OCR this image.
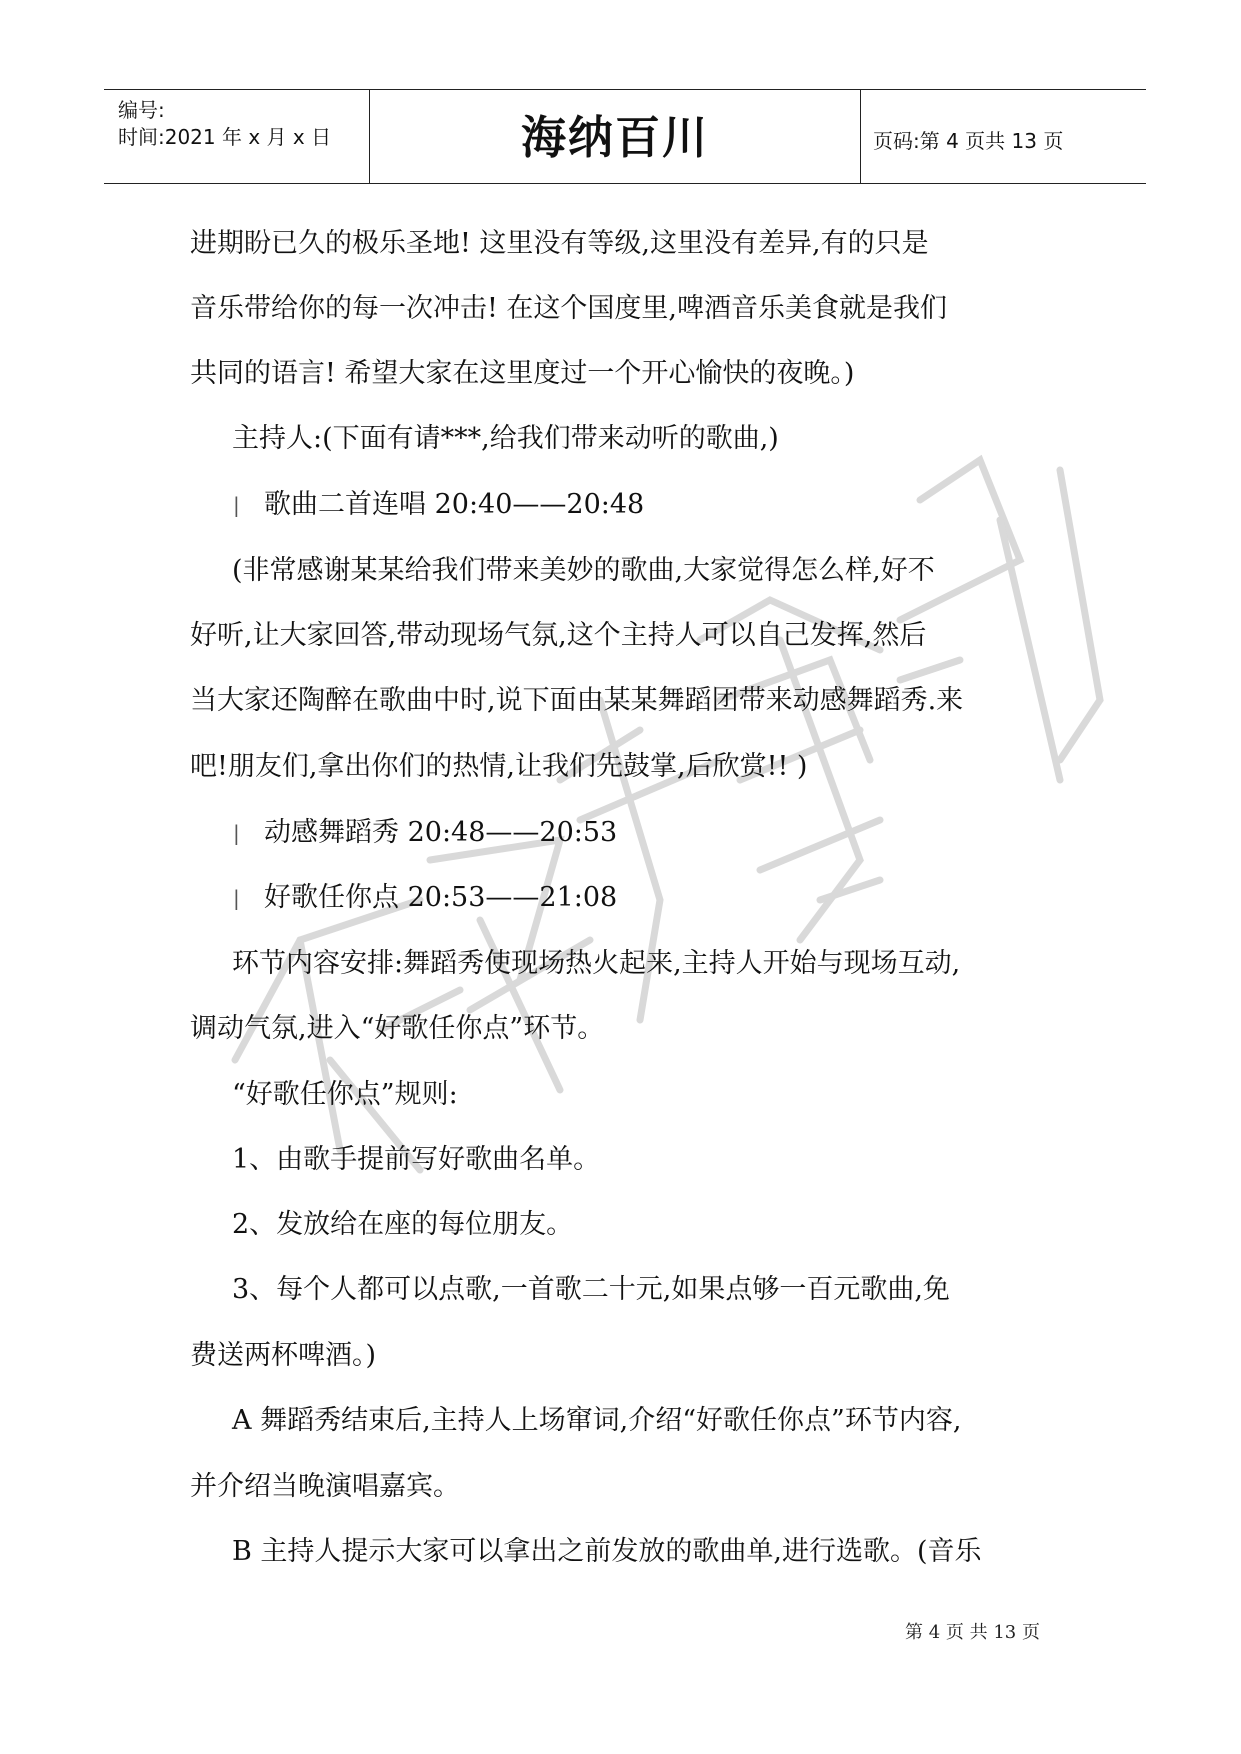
编号:
时间:2021 年 x 月 x 日	海纳百川	页码:第 4 页共 13 页
进期盼已久的极乐圣地! 这里没有等级,这里没有差异,有的只是
音乐带给你的每一次冲击! 在这个国度里,啤酒音乐美食就是我们
共同的语言! 希望大家在这里度过一个开心愉快的夜晚。)
主持人:(下面有请***,给我们带来动听的歌曲,)
| 歌曲二首连唱 20:40——20:48
(非常感谢某某给我们带来美妙的歌曲,大家觉得怎么样,好不
好听,让大家回答,带动现场气氛,这个主持人可以自己发挥,然后
当大家还陶醉在歌曲中时,说下面由某某舞蹈团带来动感舞蹈秀.来
吧!朋友们,拿出你们的热情,让我们先鼓掌,后欣赏!! )
| 动感舞蹈秀 20:48——20:53
| 好歌任你点 20:53——21:08
环节内容安排:舞蹈秀使现场热火起来,主持人开始与现场互动,
调动气氛,进入“好歌任你点”环节。
“好歌任你点”规则:
1、由歌手提前写好歌曲名单。
2、发放给在座的每位朋友。
3、每个人都可以点歌,一首歌二十元,如果点够一百元歌曲,免
费送两杯啤酒。)
A 舞蹈秀结束后,主持人上场窜词,介绍“好歌任你点”环节内容,
并介绍当晚演唱嘉宾。
B 主持人提示大家可以拿出之前发放的歌曲单,进行选歌。(音乐
第 4 页 共 13 页
